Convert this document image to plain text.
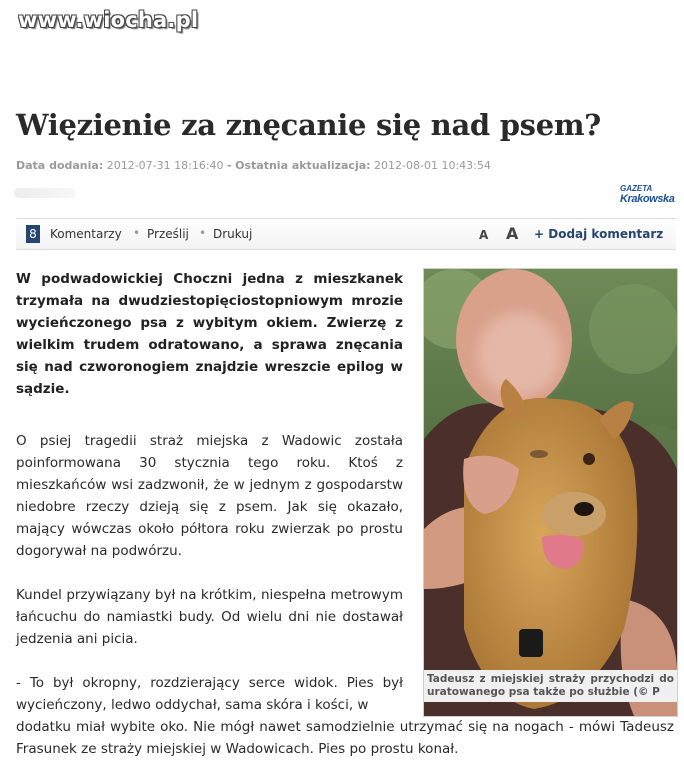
www.wiocha.pl
Więzienie za znęcanie się nad psem?
Data dodania: 2012-07-31 18:16:40 - Ostatnia aktualizacja: 2012-08-01 10:43:54
GAZETA
Krakowska
8 Komentarzy • Prześlij • Drukuj	A A + Dodaj komentarz

W podwadowickiej Choczni jedna z mieszkanek trzymała na dwudziestopięciostopniowym mrozie wycieńczonego psa z wybitym okiem. Zwierzę z wielkim trudem odratowano, a sprawa znęcania się nad czworonogiem znajdzie wreszcie epilog w sądzie.

O psiej tragedii straż miejska z Wadowic została poinformowana 30 stycznia tego roku. Ktoś z mieszkańców wsi zadzwonił, że w jednym z gospodarstw niedobre rzeczy dzieją się z psem. Jak się okazało, mający wówczas około półtora roku zwierzak po prostu dogorywał na podwórzu.

Kundel przywiązany był na krótkim, niespełna metrowym łańcuchu do namiastki budy. Od wielu dni nie dostawał jedzenia ani picia.

Tadeusz z miejskiej straży przychodzi do uratowanego psa także po służbie (© P

- To był okropny, rozdzierający serce widok. Pies był wycieńczony, ledwo oddychał, sama skóra i kości, w

dodatku miał wybite oko. Nie mógł nawet samodzielnie utrzymać się na nogach - mówi Tadeusz Frasunek ze straży miejskiej w Wadowicach. Pies po prostu konał.
